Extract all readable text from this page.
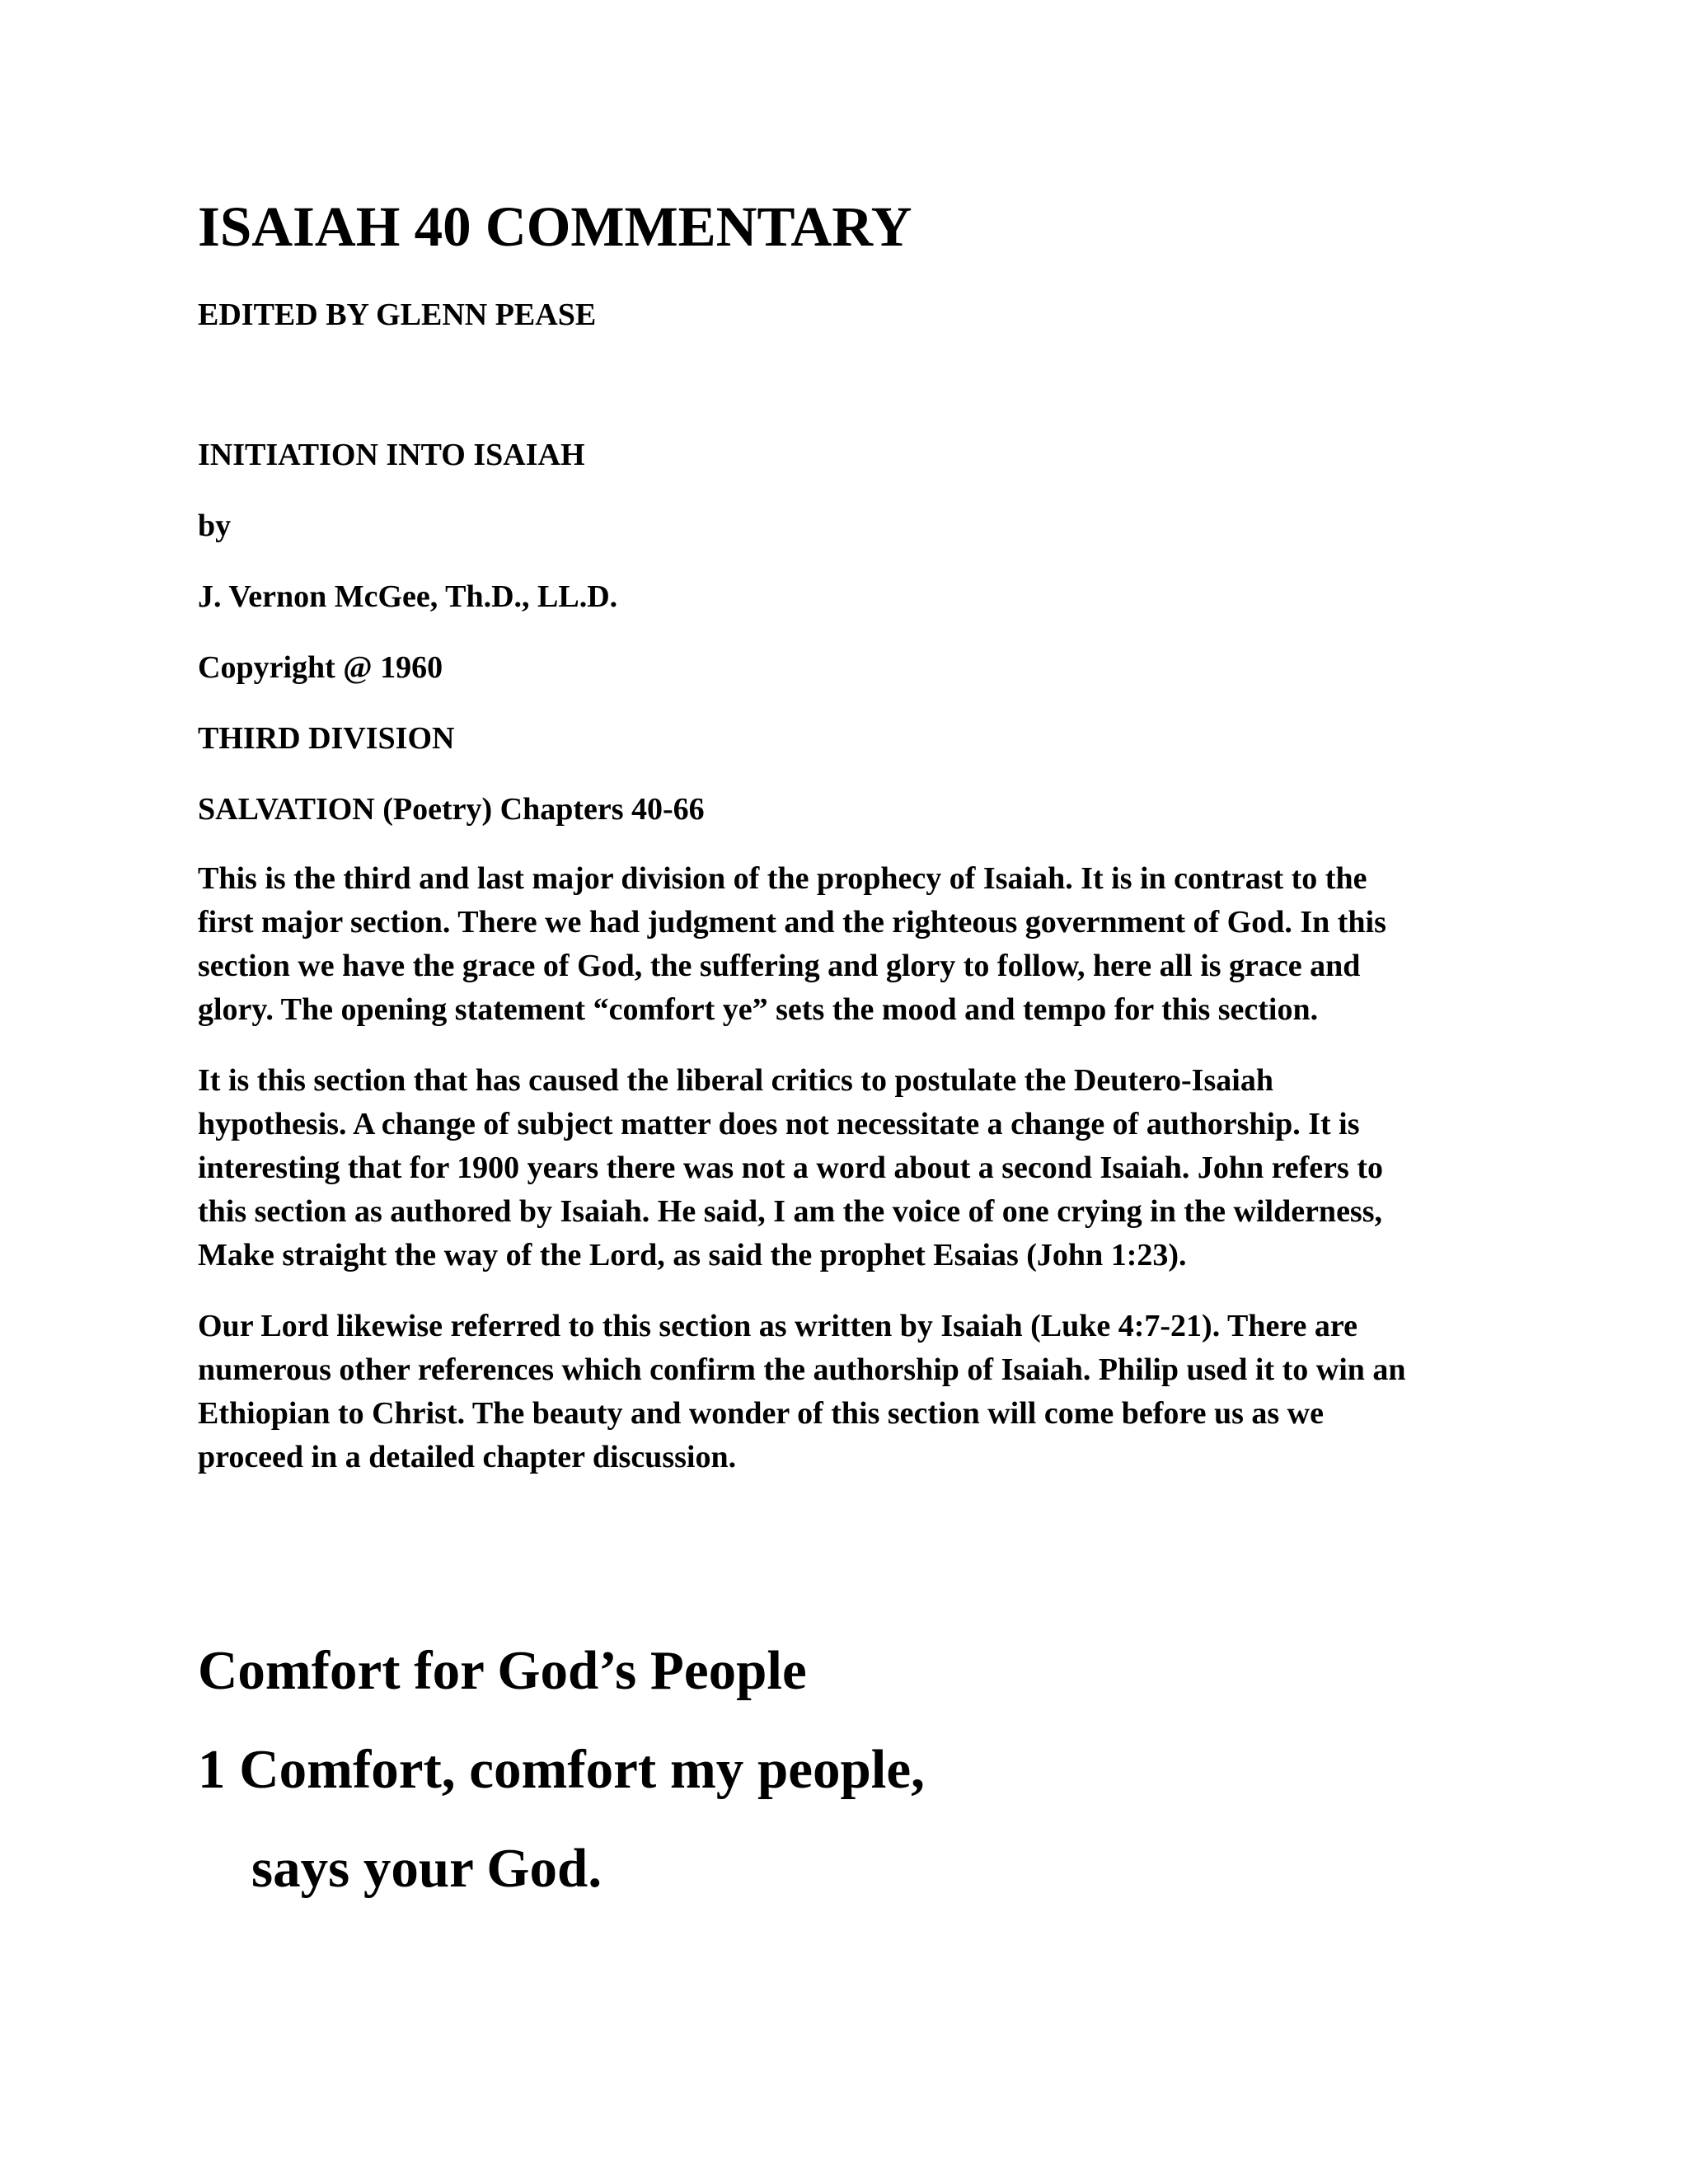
ISAIAH 40 COMMENTARY
EDITED BY GLENN PEASE
INITIATION INTO ISAIAH
by
J. Vernon McGee, Th.D., LL.D.
Copyright @ 1960
THIRD DIVISION
SALVATION (Poetry) Chapters 40-66
This is the third and last major division of the prophecy of Isaiah. It is in contrast to the
first major section. There we had judgment and the righteous government of God. In this
section we have the grace of God, the suffering and glory to follow, here all is grace and
glory. The opening statement “comfort ye” sets the mood and tempo for this section.
It is this section that has caused the liberal critics to postulate the Deutero-Isaiah
hypothesis. A change of subject matter does not necessitate a change of authorship. It is
interesting that for 1900 years there was not a word about a second Isaiah. John refers to
this section as authored by Isaiah. He said, I am the voice of one crying in the wilderness,
Make straight the way of the Lord, as said the prophet Esaias (John 1:23).
Our Lord likewise referred to this section as written by Isaiah (Luke 4:7-21). There are
numerous other references which confirm the authorship of Isaiah. Philip used it to win an
Ethiopian to Christ. The beauty and wonder of this section will come before us as we
proceed in a detailed chapter discussion.
Comfort for God’s People
1 Comfort, comfort my people,
says your God.
